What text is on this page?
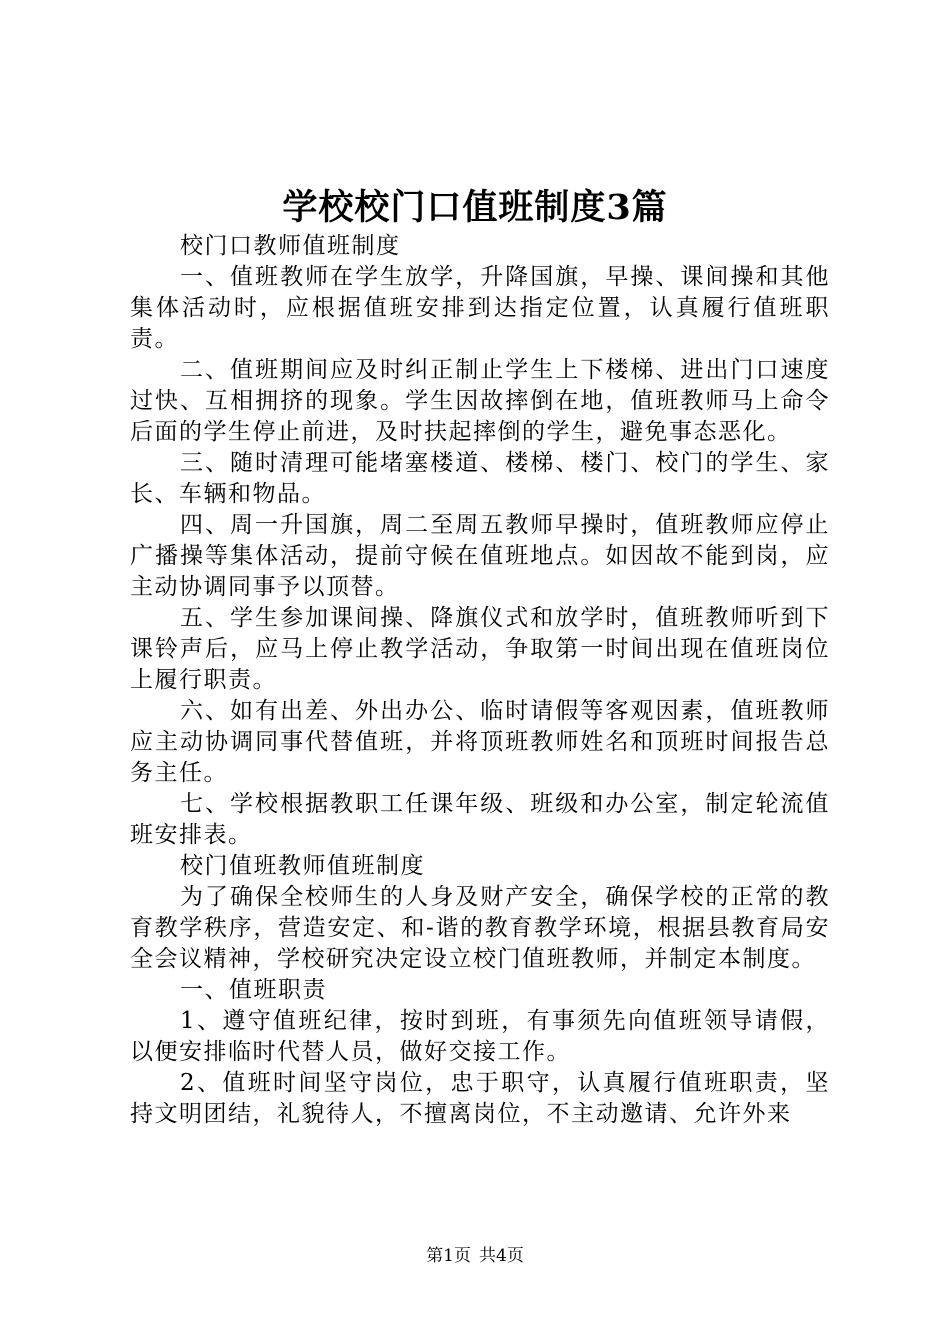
学校校门口值班制度3篇

校门口教师值班制度

一、值班教师在学生放学，升降国旗，早操、课间操和其他集体活动时，应根据值班安排到达指定位置，认真履行值班职责。

二、值班期间应及时纠正制止学生上下楼梯、进出门口速度过快、互相拥挤的现象。学生因故摔倒在地，值班教师马上命令后面的学生停止前进，及时扶起摔倒的学生，避免事态恶化。

三、随时清理可能堵塞楼道、楼梯、楼门、校门的学生、家长、车辆和物品。

四、周一升国旗，周二至周五教师早操时，值班教师应停止广播操等集体活动，提前守候在值班地点。如因故不能到岗，应主动协调同事予以顶替。

五、学生参加课间操、降旗仪式和放学时，值班教师听到下课铃声后，应马上停止教学活动，争取第一时间出现在值班岗位上履行职责。

六、如有出差、外出办公、临时请假等客观因素，值班教师应主动协调同事代替值班，并将顶班教师姓名和顶班时间报告总务主任。

七、学校根据教职工任课年级、班级和办公室，制定轮流值班安排表。

校门值班教师值班制度

为了确保全校师生的人身及财产安全，确保学校的正常的教育教学秩序，营造安定、和-谐的教育教学环境，根据县教育局安全会议精神，学校研究决定设立校门值班教师，并制定本制度。

一、值班职责

1、遵守值班纪律，按时到班，有事须先向值班领导请假，以便安排临时代替人员，做好交接工作。

2、值班时间坚守岗位，忠于职守，认真履行值班职责，坚持文明团结，礼貌待人，不擅离岗位，不主动邀请、允许外来

第1页 共4页
